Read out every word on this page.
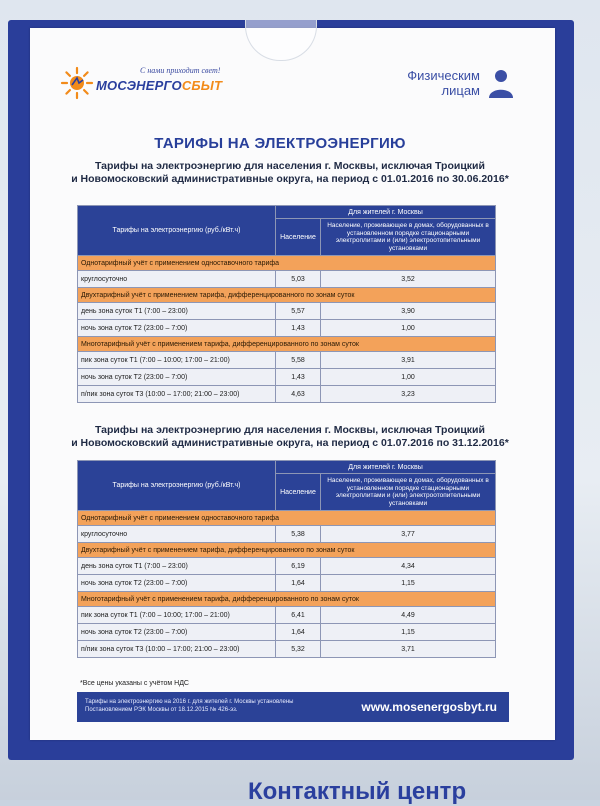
С нами приходит свет!
МОСЭНЕРГОСБЫТ
Физическим
лицам
ТАРИФЫ НА ЭЛЕКТРОЭНЕРГИЮ
Тарифы на электроэнергию для населения г. Москвы, исключая Троицкий
и Новомосковский административные округа, на период с 01.01.2016 по 30.06.2016*
Тарифы на электроэнергию (руб./кВт.ч)	Для жителей г. Москвы	
	Население	Население, проживающее в домах, оборудованных в установленном порядке стационарными электроплитами и (или) электроотопительными установками
Однотарифный учёт с применением одноставочного тарифа		
круглосуточно	5,03	3,52
Двухтарифный учёт с применением тарифа, дифференцированного по зонам суток		
день зона суток Т1 (7:00 – 23:00)	5,57	3,90
ночь зона суток Т2 (23:00 – 7:00)	1,43	1,00
Многотарифный учёт с применением тарифа, дифференцированного по зонам суток		
пик зона суток Т1 (7:00 – 10:00; 17:00 – 21:00)	5,58	3,91
ночь зона суток Т2 (23:00 – 7:00)	1,43	1,00
п/пик зона суток Т3 (10:00 – 17:00; 21:00 – 23:00)	4,63	3,23
Тарифы на электроэнергию для населения г. Москвы, исключая Троицкий
и Новомосковский административные округа, на период с 01.07.2016 по 31.12.2016*
Тарифы на электроэнергию (руб./кВт.ч)	Для жителей г. Москвы	
	Население	Население, проживающее в домах, оборудованных в установленном порядке стационарными электроплитами и (или) электроотопительными установками
Однотарифный учёт с применением одноставочного тарифа		
круглосуточно	5,38	3,77
Двухтарифный учёт с применением тарифа, дифференцированного по зонам суток		
день зона суток Т1 (7:00 – 23:00)	6,19	4,34
ночь зона суток Т2 (23:00 – 7:00)	1,64	1,15
Многотарифный учёт с применением тарифа, дифференцированного по зонам суток		
пик зона суток Т1 (7:00 – 10:00; 17:00 – 21:00)	6,41	4,49
ночь зона суток Т2 (23:00 – 7:00)	1,64	1,15
п/пик зона суток Т3 (10:00 – 17:00; 21:00 – 23:00)	5,32	3,71
*Все цены указаны с учётом НДС
Тарифы на электроэнергию на 2016 г. для жителей г. Москвы установлены Постановлением РЭК Москвы от 18.12.2015 № 426-эз.	www.mosenergosbyt.ru
Контактный центр
